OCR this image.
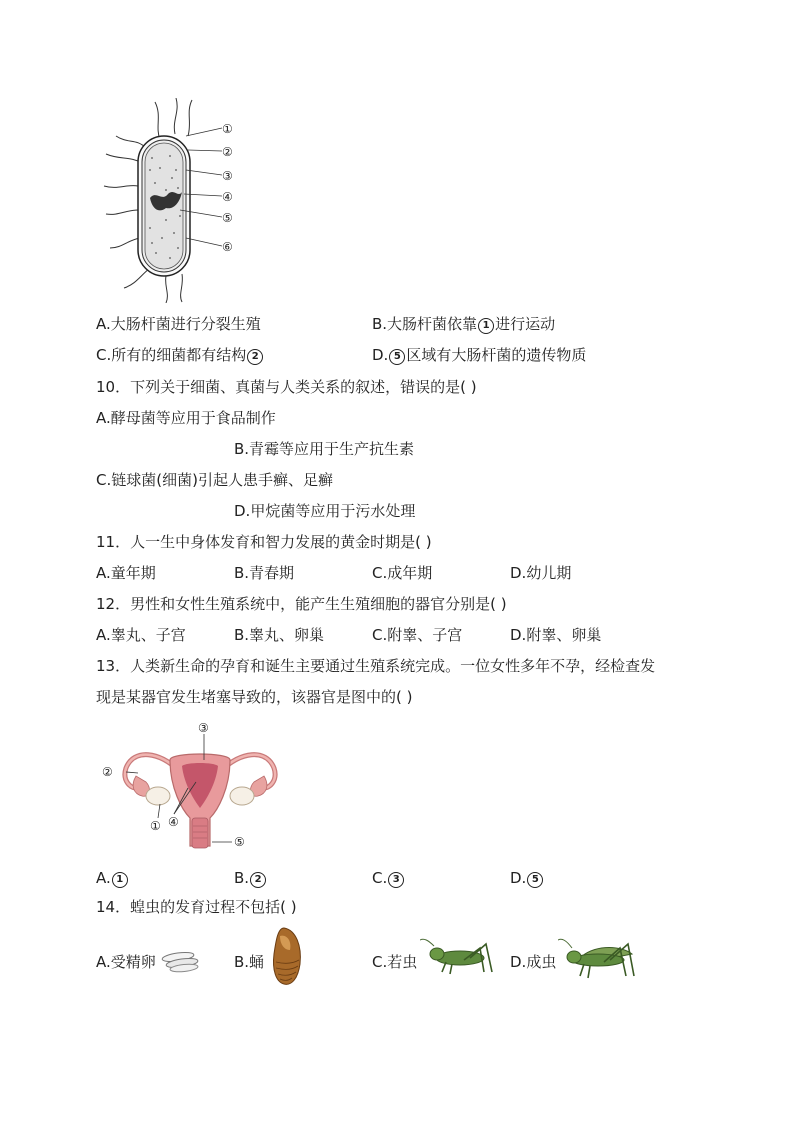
①
②
③
④
⑤
⑥
A.大肠杆菌进行分裂生殖	B.大肠杆菌依靠 1 进行运动
C.所有的细菌都有结构 2	D. 5 区域有大肠杆菌的遗传物质
10．下列关于细菌、真菌与人类关系的叙述，错误的是( )
A.酵母菌等应用于食品制作
B.青霉等应用于生产抗生素
C.链球菌(细菌)引起人患手癣、足癣
D.甲烷菌等应用于污水处理
11．人一生中身体发育和智力发展的黄金时期是( )
A.童年期	B.青春期	C.成年期	D.幼儿期
12．男性和女性生殖系统中，能产生生殖细胞的器官分别是( )
A.睾丸、子宫	B.睾丸、卵巢	C.附睾、子宫	D.附睾、卵巢
13．人类新生命的孕育和诞生主要通过生殖系统完成。一位女性多年不孕，经检查发
现是某器官发生堵塞导致的，该器官是图中的( )
③
②
① ④
⑤
A. 1	B. 2	C. 3	D. 5
14．蝗虫的发育过程不包括( )
A.受精卵	B.蛹	C.若虫	D.成虫
